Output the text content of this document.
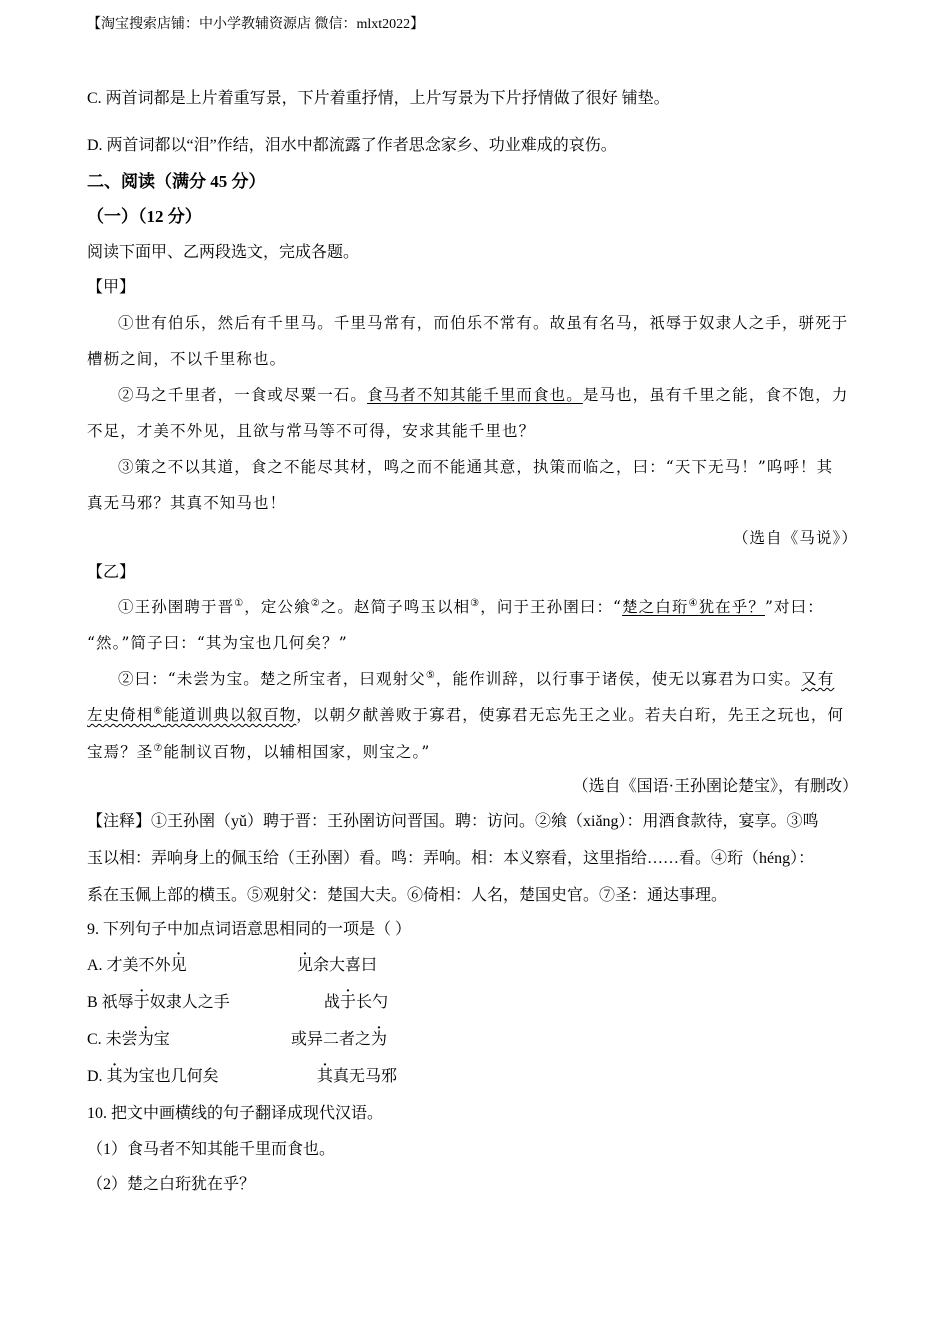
【淘宝搜索店铺：中小学教辅资源店 微信：mlxt2022】
C. 两首词都是上片着重写景，下片着重抒情，上片写景为下片抒情做了很好 铺垫。
D. 两首词都以“泪”作结，泪水中都流露了作者思念家乡、功业难成的哀伤。
二、阅读（满分 45 分）
（一）（12 分）
阅读下面甲、乙两段选文，完成各题。
【甲】
①世有伯乐，然后有千里马。千里马常有，而伯乐不常有。故虽有名马，祇辱于奴隶人之手，骈死于
槽枥之间，不以千里称也。
②马之千里者，一食或尽粟一石。食马者不知其能千里而食也。是马也，虽有千里之能，食不饱，力
不足，才美不外见，且欲与常马等不可得，安求其能千里也？
③策之不以其道，食之不能尽其材，鸣之而不能通其意，执策而临之，曰：“天下无马！”呜呼！其
真无马邪？其真不知马也！
（选自《马说》）
【乙】
①王孙圉聘于晋①，定公飨②之。赵简子鸣玉以相③，问于王孙圉曰：“楚之白珩④犹在乎？”对曰：
“然。”简子曰：“其为宝也几何矣？”
②曰：“未尝为宝。楚之所宝者，曰观射父⑤，能作训辞，以行事于诸侯，使无以寡君为口实。又有
左史倚相⑥能道训典以叙百物，以朝夕献善败于寡君，使寡君无忘先王之业。若夫白珩，先王之玩也，何
宝焉？圣⑦能制议百物，以辅相国家，则宝之。”
（选自《国语·王孙圉论楚宝》，有删改）
【注释】①王孙圉（yǔ）聘于晋：王孙圉访问晋国。聘：访问。②飨（xiǎng）：用酒食款待，宴享。③鸣
玉以相：弄响身上的佩玉给（王孙圉）看。鸣：弄响。相：本义察看，这里指给……看。④珩（héng）：
系在玉佩上部的横玉。⑤观射父：楚国大夫。⑥倚相：人名，楚国史官。⑦圣：通达事理。
9. 下列句子中加点词语意思相同的一项是（ ）
A. 才美不外见	见余大喜曰
B 祇辱于奴隶人之手	战于长勺
C. 未尝为宝	或异二者之为
D. 其为宝也几何矣	其真无马邪
10. 把文中画横线的句子翻译成现代汉语。
（1）食马者不知其能千里而食也。
（2）楚之白珩犹在乎？
